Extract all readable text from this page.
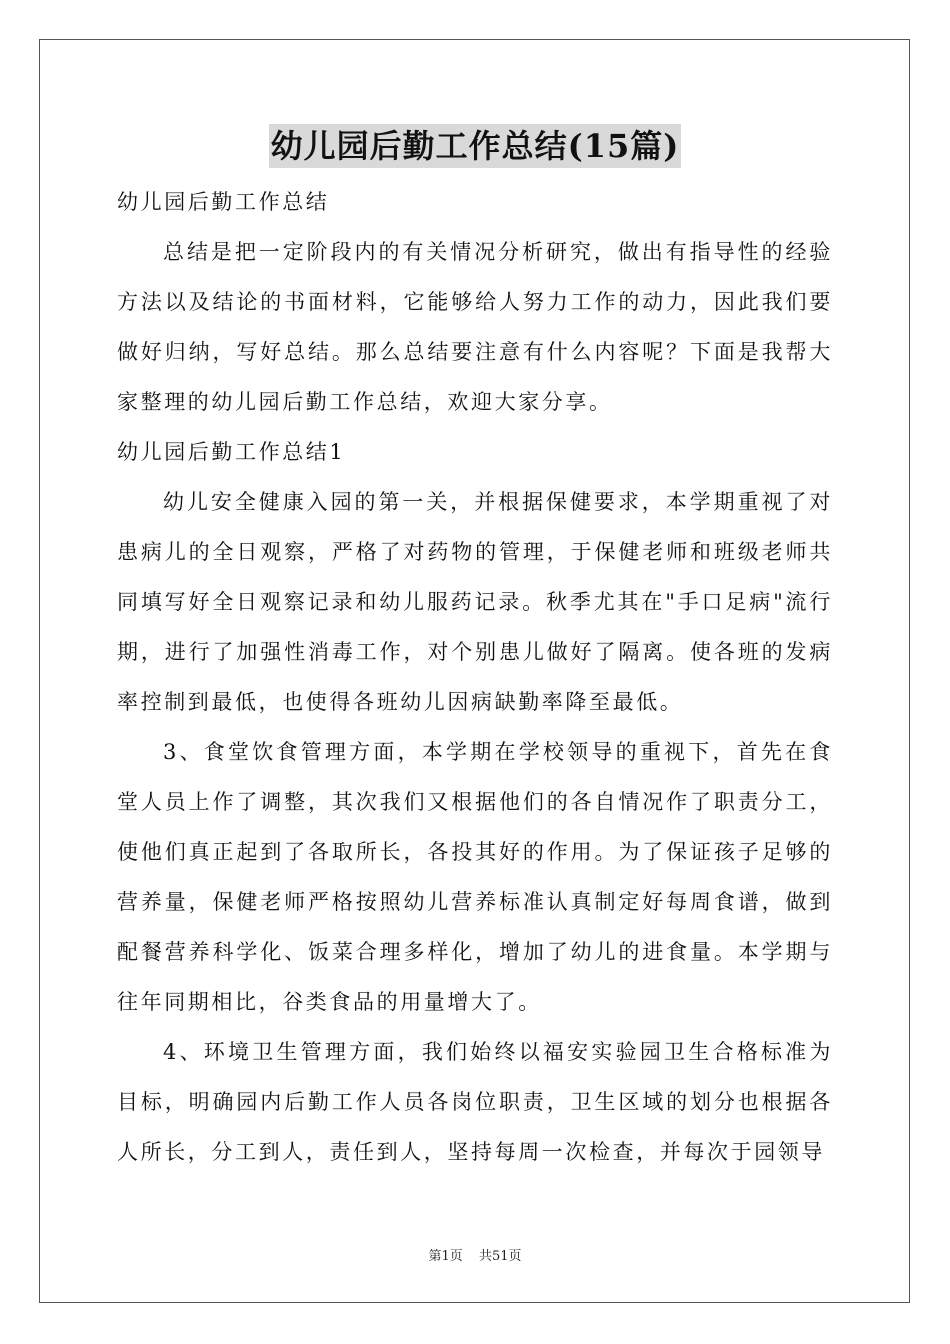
幼儿园后勤工作总结(15篇)

幼儿园后勤工作总结

总结是把一定阶段内的有关情况分析研究，做出有指导性的经验方法以及结论的书面材料，它能够给人努力工作的动力，因此我们要做好归纳，写好总结。那么总结要注意有什么内容呢？下面是我帮大家整理的幼儿园后勤工作总结，欢迎大家分享。

幼儿园后勤工作总结1

幼儿安全健康入园的第一关，并根据保健要求，本学期重视了对患病儿的全日观察，严格了对药物的管理，于保健老师和班级老师共同填写好全日观察记录和幼儿服药记录。秋季尤其在"手口足病"流行期，进行了加强性消毒工作，对个别患儿做好了隔离。使各班的发病率控制到最低，也使得各班幼儿因病缺勤率降至最低。

3、食堂饮食管理方面，本学期在学校领导的重视下，首先在食堂人员上作了调整，其次我们又根据他们的各自情况作了职责分工，使他们真正起到了各取所长，各投其好的作用。为了保证孩子足够的营养量，保健老师严格按照幼儿营养标准认真制定好每周食谱，做到配餐营养科学化、饭菜合理多样化，增加了幼儿的进食量。本学期与往年同期相比，谷类食品的用量增大了。

4、环境卫生管理方面，我们始终以福安实验园卫生合格标准为目标，明确园内后勤工作人员各岗位职责，卫生区域的划分也根据各人所长，分工到人，责任到人，坚持每周一次检查，并每次于园领导

第1页 共51页
